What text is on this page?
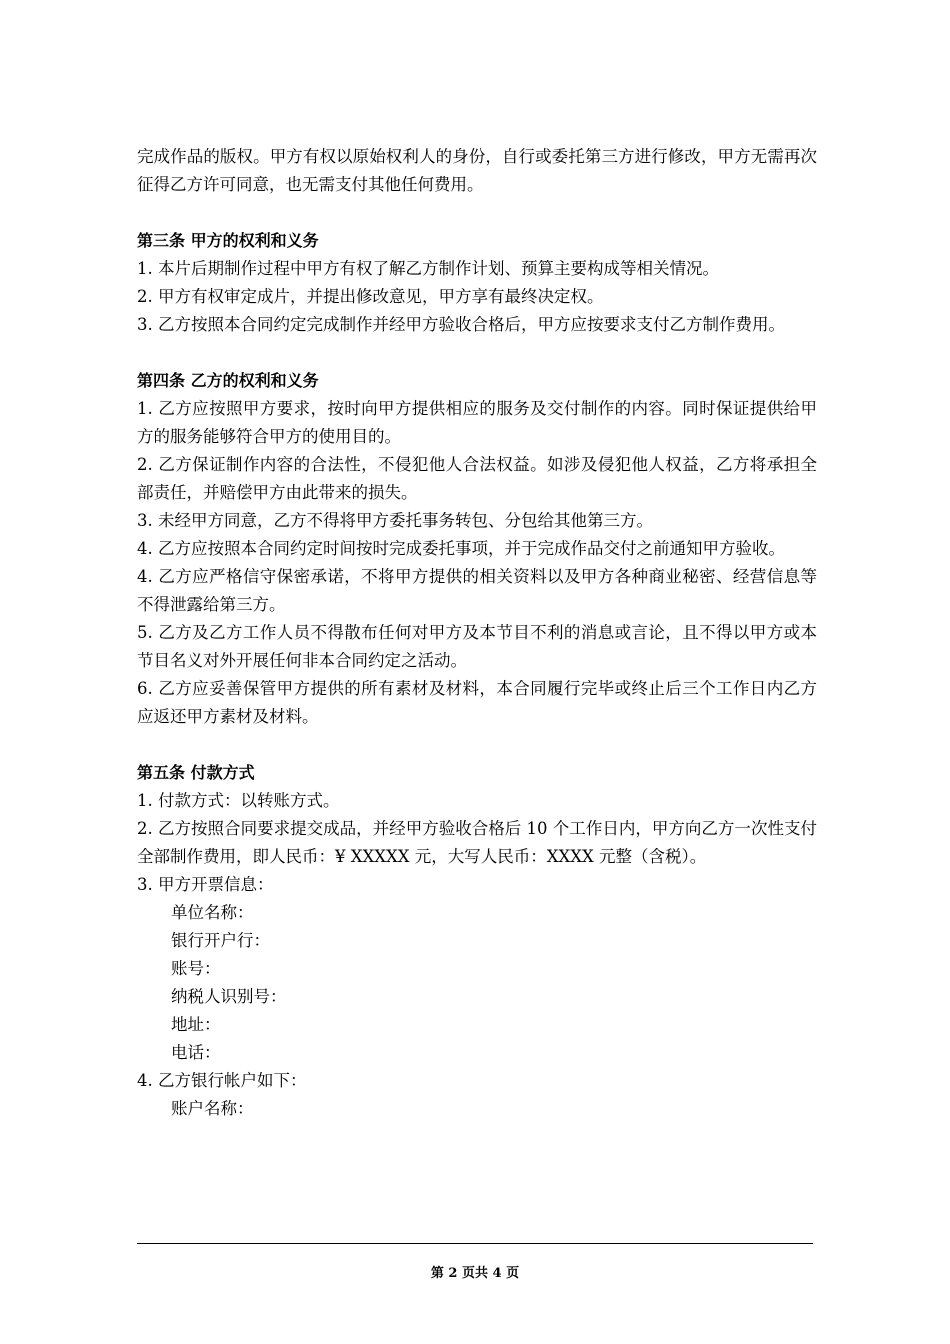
完成作品的版权。甲方有权以原始权利人的身份，自行或委托第三方进行修改，甲方无需再次征得乙方许可同意，也无需支付其他任何费用。

第三条 甲方的权利和义务

1. 本片后期制作过程中甲方有权了解乙方制作计划、预算主要构成等相关情况。

2. 甲方有权审定成片，并提出修改意见，甲方享有最终决定权。

3. 乙方按照本合同约定完成制作并经甲方验收合格后，甲方应按要求支付乙方制作费用。

第四条 乙方的权利和义务

1. 乙方应按照甲方要求，按时向甲方提供相应的服务及交付制作的内容。同时保证提供给甲方的服务能够符合甲方的使用目的。

2. 乙方保证制作内容的合法性，不侵犯他人合法权益。如涉及侵犯他人权益，乙方将承担全部责任，并赔偿甲方由此带来的损失。

3. 未经甲方同意，乙方不得将甲方委托事务转包、分包给其他第三方。

4. 乙方应按照本合同约定时间按时完成委托事项，并于完成作品交付之前通知甲方验收。

4. 乙方应严格信守保密承诺，不将甲方提供的相关资料以及甲方各种商业秘密、经营信息等不得泄露给第三方。

5. 乙方及乙方工作人员不得散布任何对甲方及本节目不利的消息或言论，且不得以甲方或本节目名义对外开展任何非本合同约定之活动。

6. 乙方应妥善保管甲方提供的所有素材及材料，本合同履行完毕或终止后三个工作日内乙方应返还甲方素材及材料。

第五条 付款方式

1. 付款方式：以转账方式。

2. 乙方按照合同要求提交成品，并经甲方验收合格后 10 个工作日内，甲方向乙方一次性支付全部制作费用，即人民币：¥ XXXXX 元，大写人民币：XXXX 元整（含税）。

3. 甲方开票信息：

单位名称：

银行开户行：

账号：

纳税人识别号：

地址：

电话：

4. 乙方银行帐户如下：

账户名称：

第 2 页共 4 页
